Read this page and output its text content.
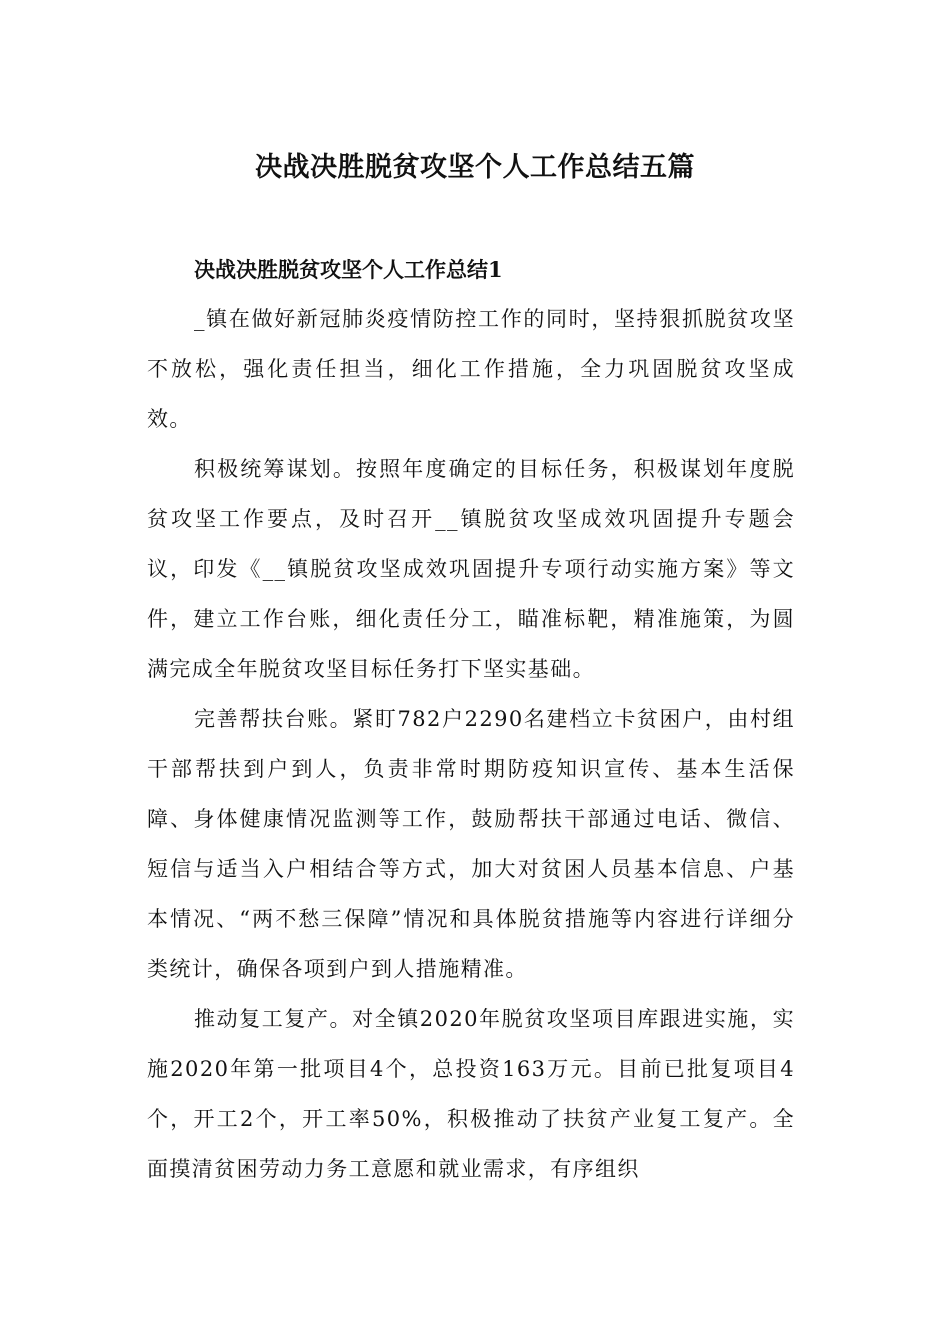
决战决胜脱贫攻坚个人工作总结五篇
决战决胜脱贫攻坚个人工作总结1

_镇在做好新冠肺炎疫情防控工作的同时，坚持狠抓脱贫攻坚不放松，强化责任担当，细化工作措施，全力巩固脱贫攻坚成效。

积极统筹谋划。按照年度确定的目标任务，积极谋划年度脱贫攻坚工作要点，及时召开__镇脱贫攻坚成效巩固提升专题会议，印发《__镇脱贫攻坚成效巩固提升专项行动实施方案》等文件，建立工作台账，细化责任分工，瞄准标靶，精准施策，为圆满完成全年脱贫攻坚目标任务打下坚实基础。

完善帮扶台账。紧盯782户2290名建档立卡贫困户，由村组干部帮扶到户到人，负责非常时期防疫知识宣传、基本生活保障、身体健康情况监测等工作，鼓励帮扶干部通过电话、微信、短信与适当入户相结合等方式，加大对贫困人员基本信息、户基本情况、“两不愁三保障”情况和具体脱贫措施等内容进行详细分类统计，确保各项到户到人措施精准。

推动复工复产。对全镇2020年脱贫攻坚项目库跟进实施，实施2020年第一批项目4个，总投资163万元。目前已批复项目4个，开工2个，开工率50%，积极推动了扶贫产业复工复产。全面摸清贫困劳动力务工意愿和就业需求，有序组织
